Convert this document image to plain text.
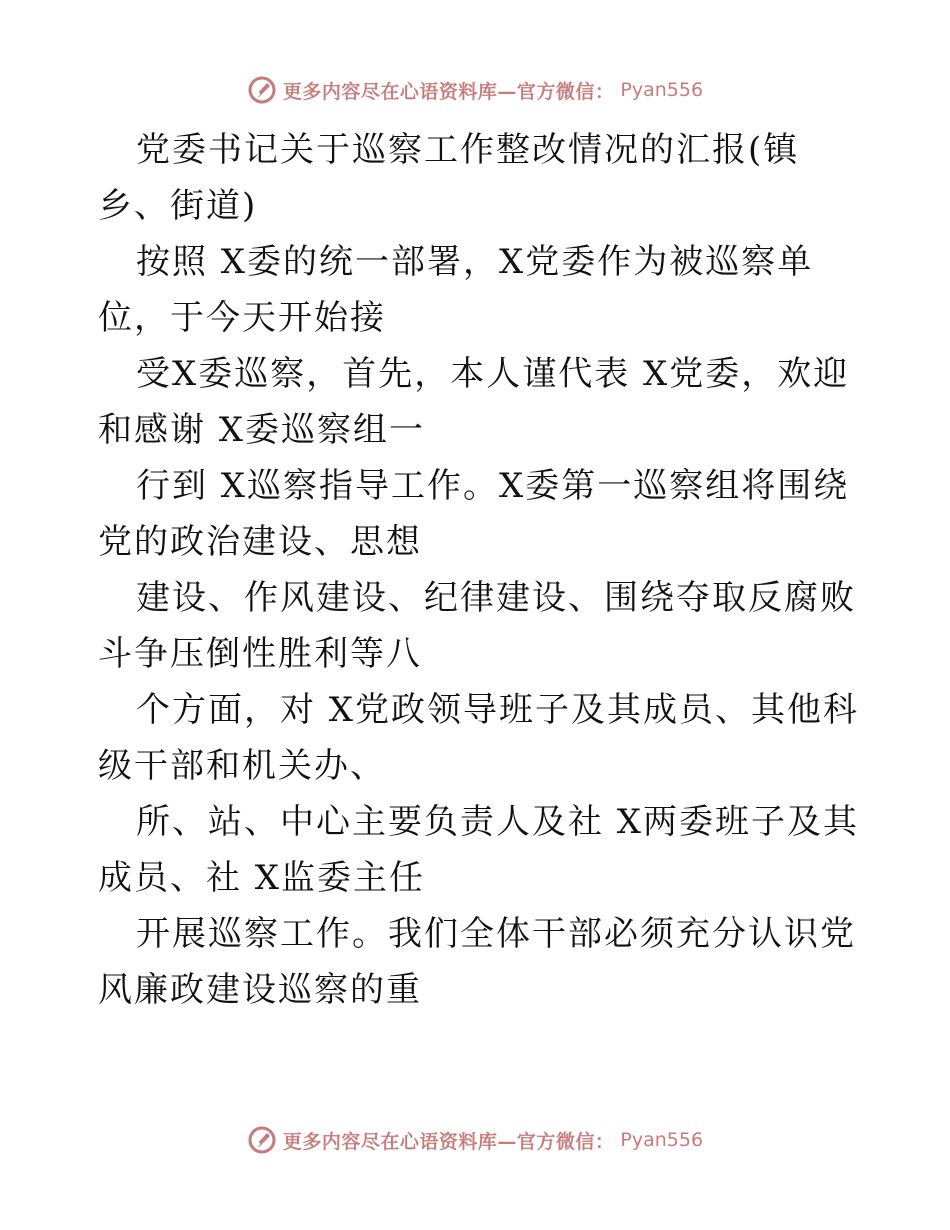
更多内容尽在心语资料库—官方微信： Pyan556

党委书记关于巡察工作整改情况的汇报(镇乡、街道)

按照 X委的统一部署，X党委作为被巡察单位，于今天开始接

受X委巡察，首先，本人谨代表 X党委，欢迎和感谢 X委巡察组一

行到 X巡察指导工作。X委第一巡察组将围绕党的政治建设、思想

建设、作风建设、纪律建设、围绕夺取反腐败斗争压倒性胜利等八

个方面，对 X党政领导班子及其成员、其他科级干部和机关办、

所、站、中心主要负责人及社 X两委班子及其成员、社 X监委主任

开展巡察工作。我们全体干部必须充分认识党风廉政建设巡察的重

更多内容尽在心语资料库—官方微信： Pyan556
